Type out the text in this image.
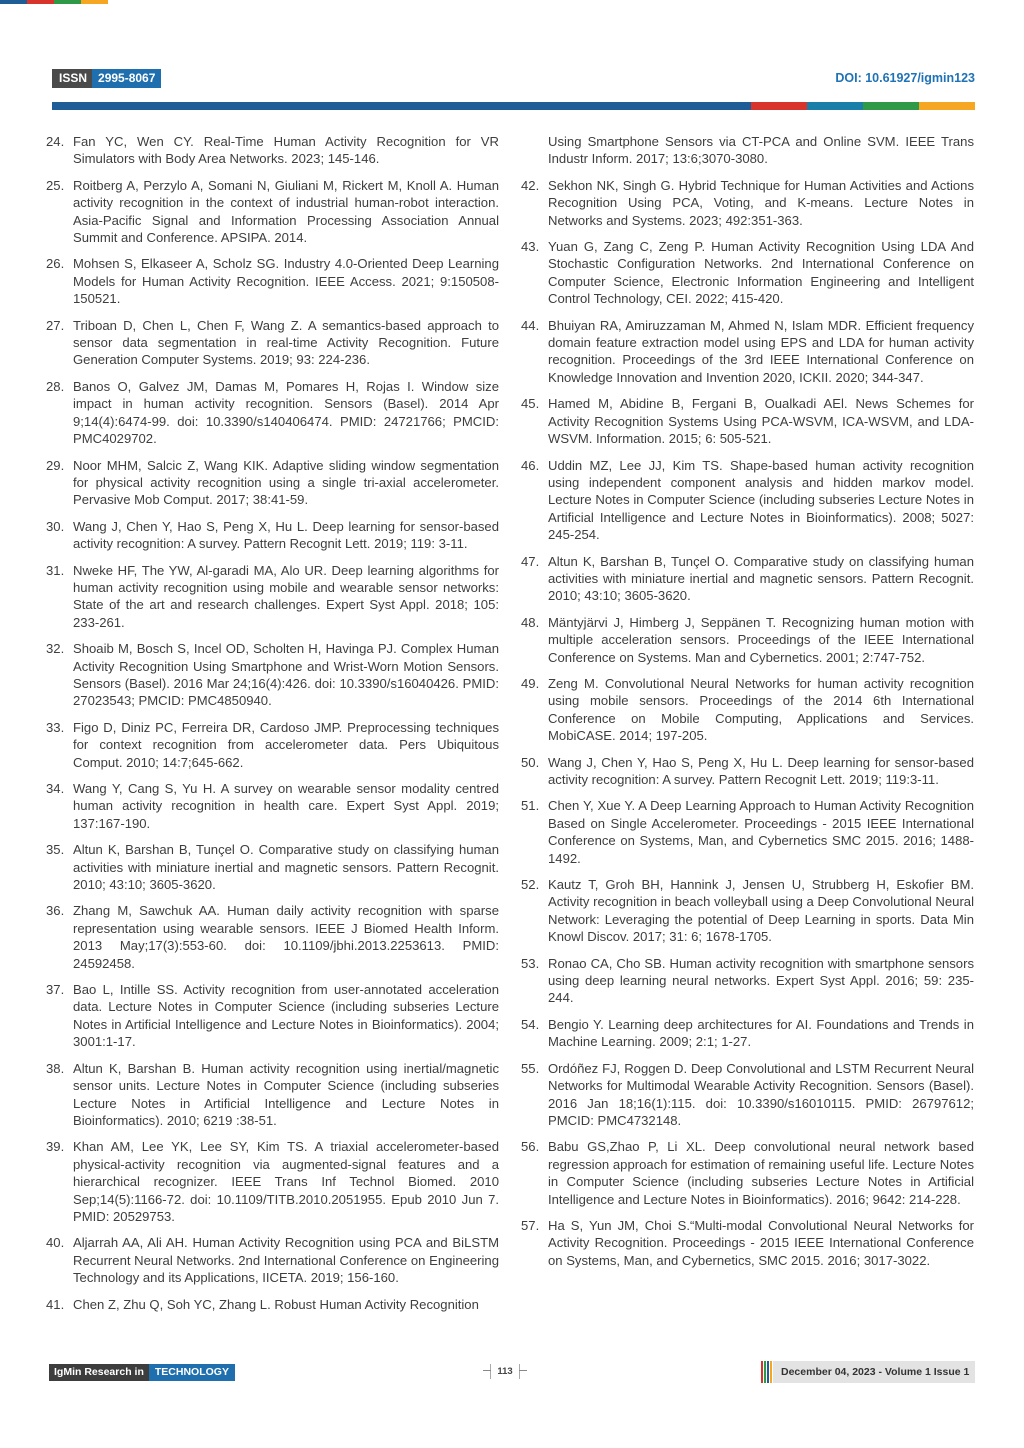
ISSN 2995-8067	DOI: 10.61927/igmin123
24. Fan YC, Wen CY. Real-Time Human Activity Recognition for VR Simulators with Body Area Networks. 2023; 145-146.
25. Roitberg A, Perzylo A, Somani N, Giuliani M, Rickert M, Knoll A. Human activity recognition in the context of industrial human-robot interaction. Asia-Pacific Signal and Information Processing Association Annual Summit and Conference. APSIPA. 2014.
26. Mohsen S, Elkaseer A, Scholz SG. Industry 4.0-Oriented Deep Learning Models for Human Activity Recognition. IEEE Access. 2021; 9:150508-150521.
27. Triboan D, Chen L, Chen F, Wang Z. A semantics-based approach to sensor data segmentation in real-time Activity Recognition. Future Generation Computer Systems. 2019; 93: 224-236.
28. Banos O, Galvez JM, Damas M, Pomares H, Rojas I. Window size impact in human activity recognition. Sensors (Basel). 2014 Apr 9;14(4):6474-99. doi: 10.3390/s140406474. PMID: 24721766; PMCID: PMC4029702.
29. Noor MHM, Salcic Z, Wang KIK. Adaptive sliding window segmentation for physical activity recognition using a single tri-axial accelerometer. Pervasive Mob Comput. 2017; 38:41-59.
30. Wang J, Chen Y, Hao S, Peng X, Hu L. Deep learning for sensor-based activity recognition: A survey. Pattern Recognit Lett. 2019; 119: 3-11.
31. Nweke HF, The YW, Al-garadi MA, Alo UR. Deep learning algorithms for human activity recognition using mobile and wearable sensor networks: State of the art and research challenges. Expert Syst Appl. 2018; 105: 233-261.
32. Shoaib M, Bosch S, Incel OD, Scholten H, Havinga PJ. Complex Human Activity Recognition Using Smartphone and Wrist-Worn Motion Sensors. Sensors (Basel). 2016 Mar 24;16(4):426. doi: 10.3390/s16040426. PMID: 27023543; PMCID: PMC4850940.
33. Figo D, Diniz PC, Ferreira DR, Cardoso JMP. Preprocessing techniques for context recognition from accelerometer data. Pers Ubiquitous Comput. 2010; 14:7;645-662.
34. Wang Y, Cang S, Yu H. A survey on wearable sensor modality centred human activity recognition in health care. Expert Syst Appl. 2019; 137:167-190.
35. Altun K, Barshan B, Tunçel O. Comparative study on classifying human activities with miniature inertial and magnetic sensors. Pattern Recognit. 2010; 43:10; 3605-3620.
36. Zhang M, Sawchuk AA. Human daily activity recognition with sparse representation using wearable sensors. IEEE J Biomed Health Inform. 2013 May;17(3):553-60. doi: 10.1109/jbhi.2013.2253613. PMID: 24592458.
37. Bao L, Intille SS. Activity recognition from user-annotated acceleration data. Lecture Notes in Computer Science (including subseries Lecture Notes in Artificial Intelligence and Lecture Notes in Bioinformatics). 2004; 3001:1-17.
38. Altun K, Barshan B. Human activity recognition using inertial/magnetic sensor units. Lecture Notes in Computer Science (including subseries Lecture Notes in Artificial Intelligence and Lecture Notes in Bioinformatics). 2010; 6219 :38-51.
39. Khan AM, Lee YK, Lee SY, Kim TS. A triaxial accelerometer-based physical-activity recognition via augmented-signal features and a hierarchical recognizer. IEEE Trans Inf Technol Biomed. 2010 Sep;14(5):1166-72. doi: 10.1109/TITB.2010.2051955. Epub 2010 Jun 7. PMID: 20529753.
40. Aljarrah AA, Ali AH. Human Activity Recognition using PCA and BiLSTM Recurrent Neural Networks. 2nd International Conference on Engineering Technology and its Applications, IICETA. 2019; 156-160.
41. Chen Z, Zhu Q, Soh YC, Zhang L. Robust Human Activity Recognition
Using Smartphone Sensors via CT-PCA and Online SVM. IEEE Trans Industr Inform. 2017; 13:6;3070-3080.
42. Sekhon NK, Singh G. Hybrid Technique for Human Activities and Actions Recognition Using PCA, Voting, and K-means. Lecture Notes in Networks and Systems. 2023; 492:351-363.
43. Yuan G, Zang C, Zeng P. Human Activity Recognition Using LDA And Stochastic Configuration Networks. 2nd International Conference on Computer Science, Electronic Information Engineering and Intelligent Control Technology, CEI. 2022; 415-420.
44. Bhuiyan RA, Amiruzzaman M, Ahmed N, Islam MDR. Efficient frequency domain feature extraction model using EPS and LDA for human activity recognition. Proceedings of the 3rd IEEE International Conference on Knowledge Innovation and Invention 2020, ICKII. 2020; 344-347.
45. Hamed M, Abidine B, Fergani B, Oualkadi AEl. News Schemes for Activity Recognition Systems Using PCA-WSVM, ICA-WSVM, and LDA-WSVM. Information. 2015; 6: 505-521.
46. Uddin MZ, Lee JJ, Kim TS. Shape-based human activity recognition using independent component analysis and hidden markov model. Lecture Notes in Computer Science (including subseries Lecture Notes in Artificial Intelligence and Lecture Notes in Bioinformatics). 2008; 5027: 245-254.
47. Altun K, Barshan B, Tunçel O. Comparative study on classifying human activities with miniature inertial and magnetic sensors. Pattern Recognit. 2010; 43:10; 3605-3620.
48. Mäntyjärvi J, Himberg J, Seppänen T. Recognizing human motion with multiple acceleration sensors. Proceedings of the IEEE International Conference on Systems. Man and Cybernetics. 2001; 2:747-752.
49. Zeng M. Convolutional Neural Networks for human activity recognition using mobile sensors. Proceedings of the 2014 6th International Conference on Mobile Computing, Applications and Services. MobiCASE. 2014; 197-205.
50. Wang J, Chen Y, Hao S, Peng X, Hu L. Deep learning for sensor-based activity recognition: A survey. Pattern Recognit Lett. 2019; 119:3-11.
51. Chen Y, Xue Y. A Deep Learning Approach to Human Activity Recognition Based on Single Accelerometer. Proceedings - 2015 IEEE International Conference on Systems, Man, and Cybernetics SMC 2015. 2016; 1488-1492.
52. Kautz T, Groh BH, Hannink J, Jensen U, Strubberg H, Eskofier BM. Activity recognition in beach volleyball using a Deep Convolutional Neural Network: Leveraging the potential of Deep Learning in sports. Data Min Knowl Discov. 2017; 31: 6; 1678-1705.
53. Ronao CA, Cho SB. Human activity recognition with smartphone sensors using deep learning neural networks. Expert Syst Appl. 2016; 59: 235-244.
54. Bengio Y. Learning deep architectures for AI. Foundations and Trends in Machine Learning. 2009; 2:1; 1-27.
55. Ordóñez FJ, Roggen D. Deep Convolutional and LSTM Recurrent Neural Networks for Multimodal Wearable Activity Recognition. Sensors (Basel). 2016 Jan 18;16(1):115. doi: 10.3390/s16010115. PMID: 26797612; PMCID: PMC4732148.
56. Babu GS,Zhao P, Li XL. Deep convolutional neural network based regression approach for estimation of remaining useful life. Lecture Notes in Computer Science (including subseries Lecture Notes in Artificial Intelligence and Lecture Notes in Bioinformatics). 2016; 9642: 214-228.
57. Ha S, Yun JM, Choi S.“Multi-modal Convolutional Neural Networks for Activity Recognition. Proceedings - 2015 IEEE International Conference on Systems, Man, and Cybernetics, SMC 2015. 2016; 3017-3022.
IgMin Research in	TECHNOLOGY	113	December 04, 2023 - Volume 1 Issue 1
